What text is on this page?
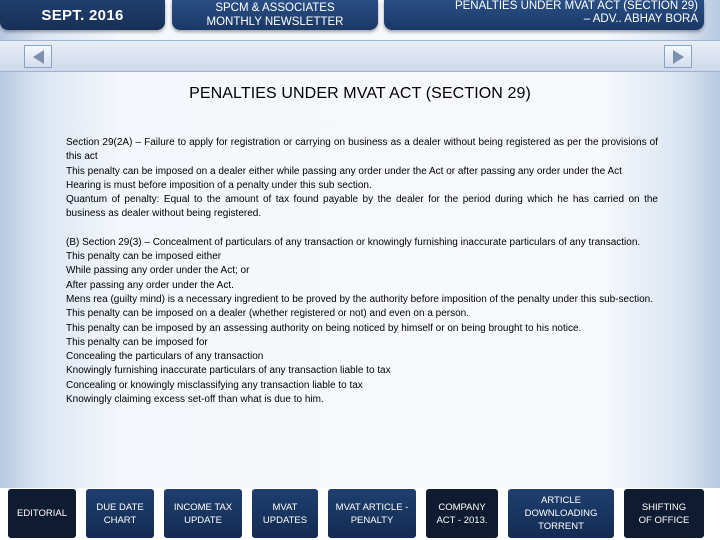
SEPT. 2016	SPCM & ASSOCIATES
MONTHLY NEWSLETTER
PENALTIES UNDER MVAT ACT (SECTION 29)
– ADV.. ABHAY BORA
PENALTIES UNDER MVAT ACT (SECTION 29)

Section 29(2A) – Failure to apply for registration or carrying on business as a dealer without being registered as per the provisions of this act

This penalty can be imposed on a dealer either while passing any order under the Act or after passing any order under the Act

Hearing is must before imposition of a penalty under this sub section.

Quantum of penalty: Equal to the amount of tax found payable by the dealer for the period during which he has carried on the business as dealer without being registered.

(B) Section 29(3) – Concealment of particulars of any transaction or knowingly furnishing inaccurate particulars of any transaction.

This penalty can be imposed either

While passing any order under the Act; or

After passing any order under the Act.

Mens rea (guilty mind) is a necessary ingredient to be proved by the authority before imposition of the penalty under this sub-section.

This penalty can be imposed on a dealer (whether registered or not) and even on a person.

This penalty can be imposed by an assessing authority on being noticed by himself or on being brought to his notice.

This penalty can be imposed for

Concealing the particulars of any transaction

Knowingly furnishing inaccurate particulars of any transaction liable to tax

Concealing or knowingly misclassifying any transaction liable to tax

Knowingly claiming excess set-off than what is due to him.

EDITORIAL
DUE DATE
CHART
INCOME TAX
UPDATE
MVAT
UPDATES
MVAT ARTICLE -
PENALTY
COMPANY
ACT - 2013.
ARTICLE
DOWNLOADING
TORRENT
SHIFTING
OF OFFICE
